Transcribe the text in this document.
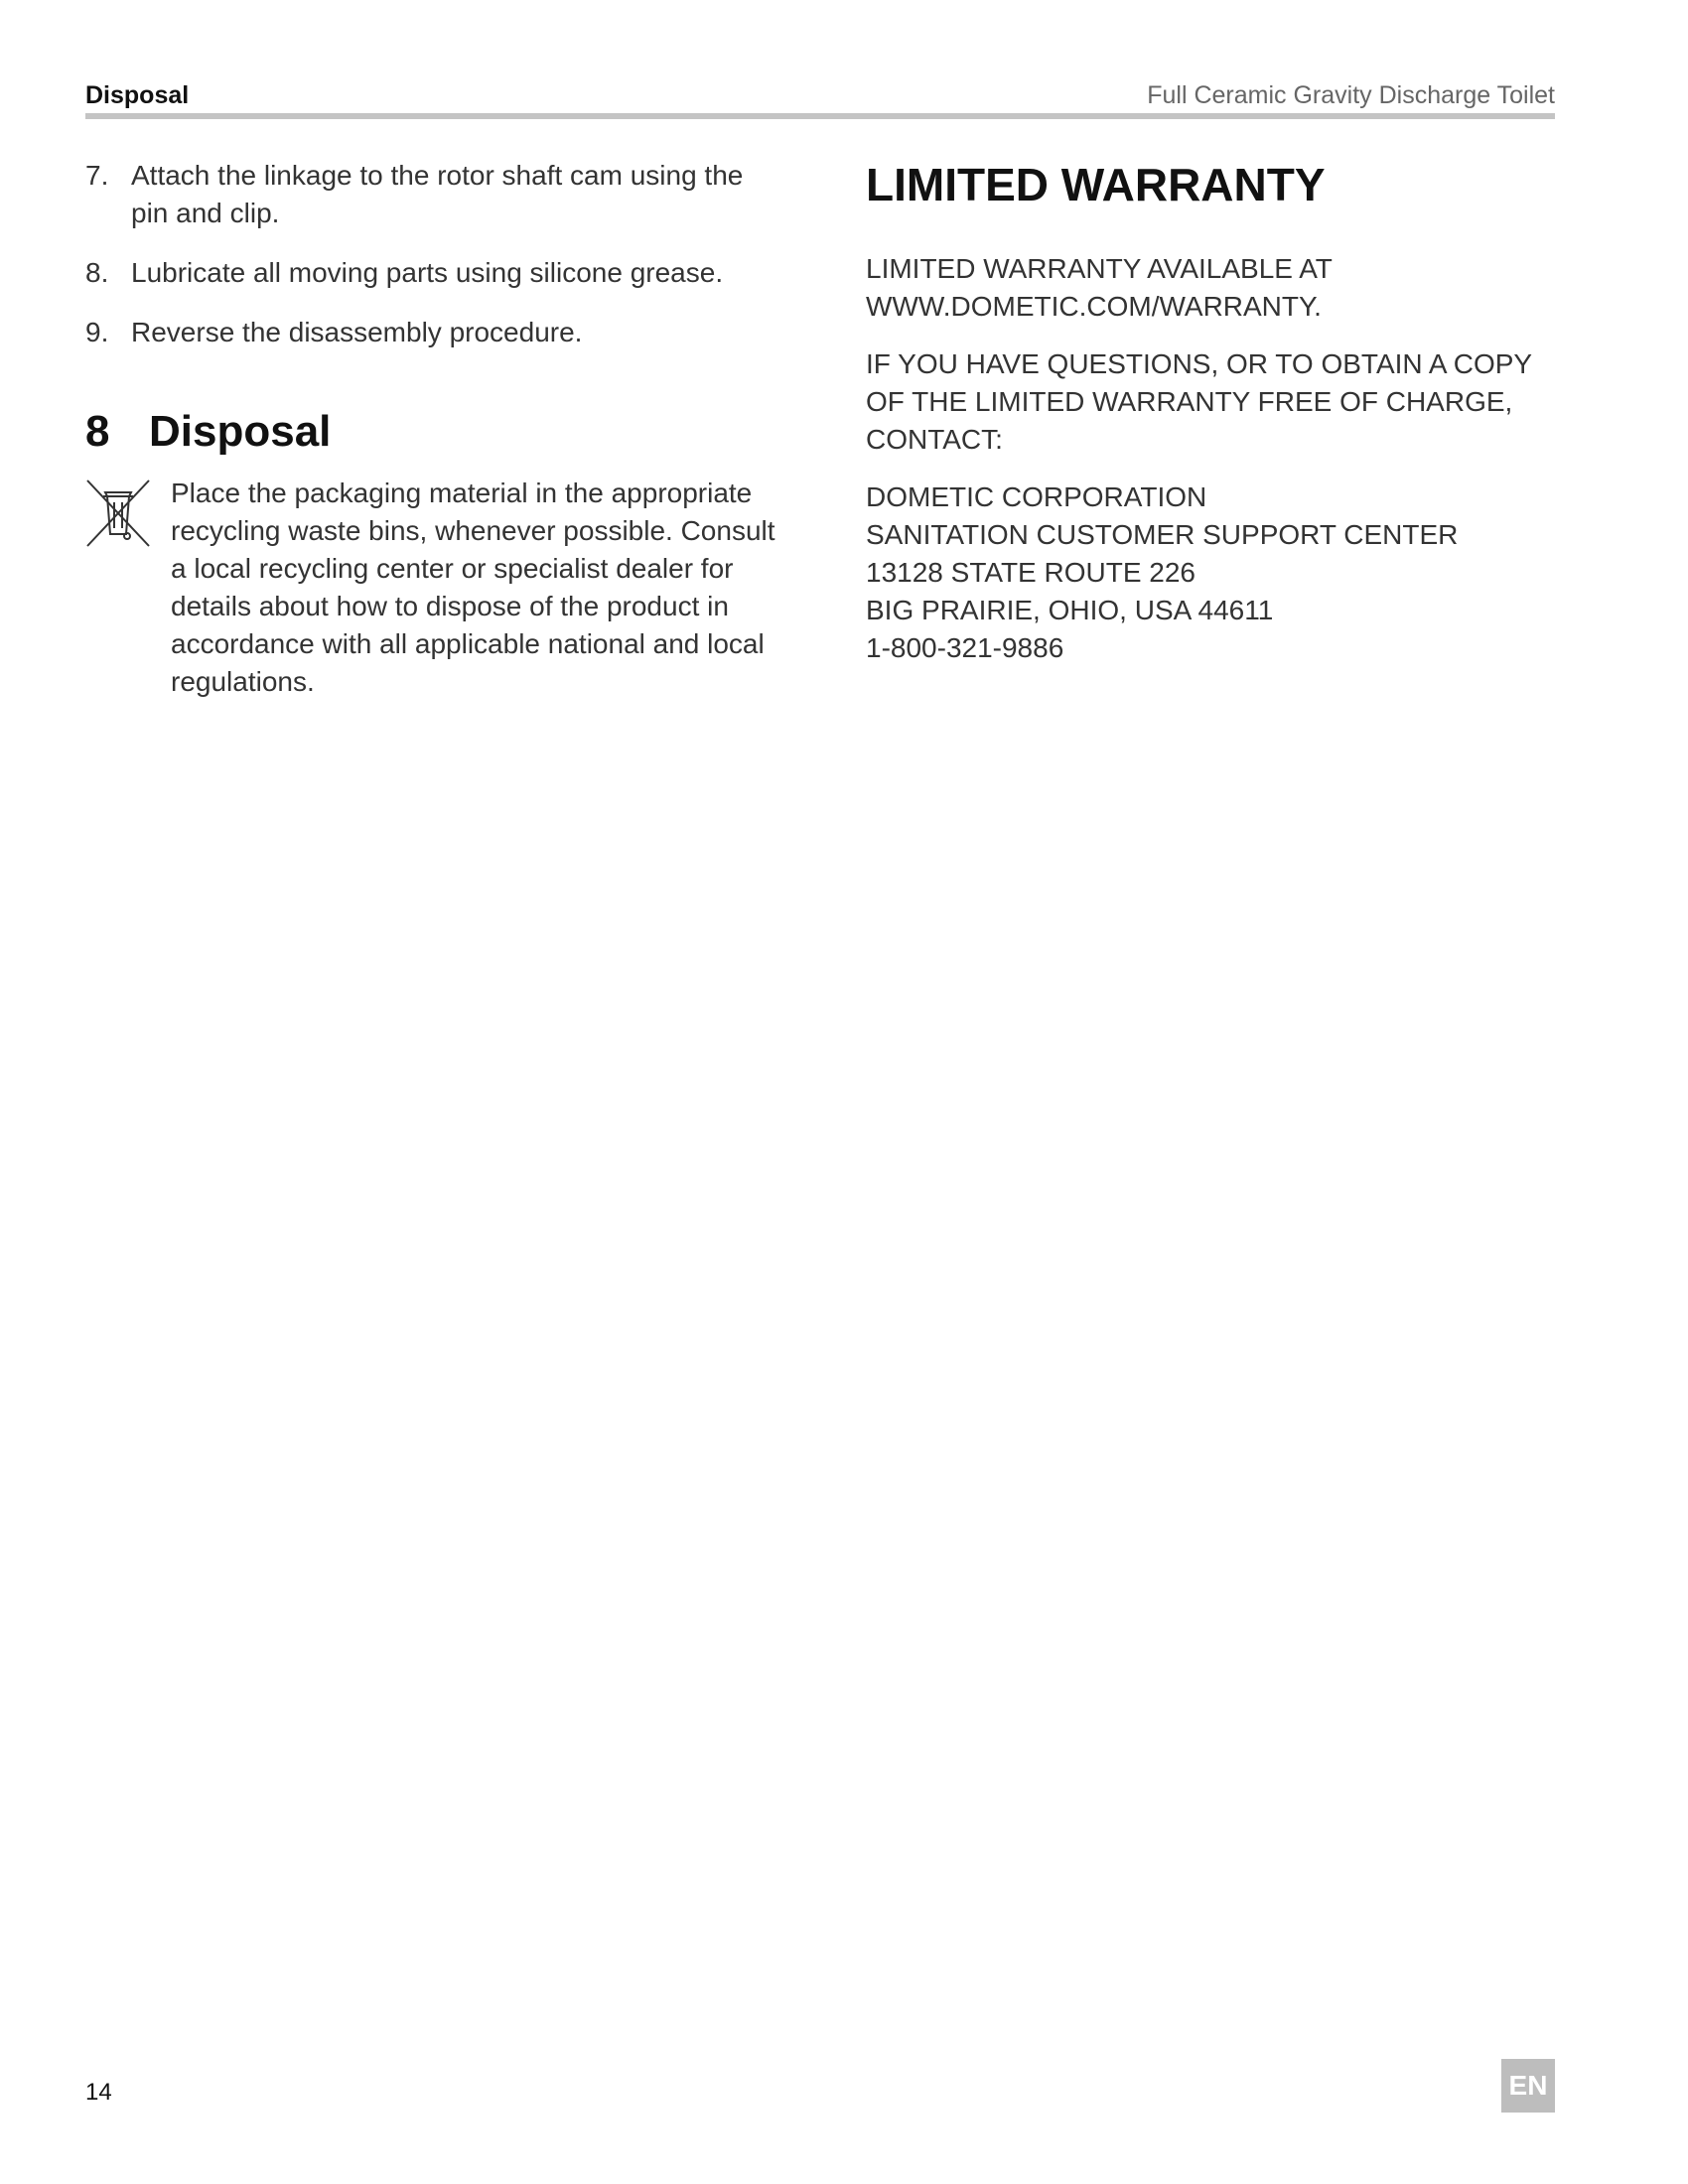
Disposal	Full Ceramic Gravity Discharge Toilet
7. Attach the linkage to the rotor shaft cam using the pin and clip.
8. Lubricate all moving parts using silicone grease.
9. Reverse the disassembly procedure.
8 Disposal
Place the packaging material in the appropriate recycling waste bins, whenever possible. Consult a local recycling center or specialist dealer for details about how to dispose of the product in accordance with all applicable national and local regulations.
LIMITED WARRANTY

LIMITED WARRANTY AVAILABLE AT WWW.DOMETIC.COM/WARRANTY.

IF YOU HAVE QUESTIONS, OR TO OBTAIN A COPY OF THE LIMITED WARRANTY FREE OF CHARGE, CONTACT:

DOMETIC CORPORATION
SANITATION CUSTOMER SUPPORT CENTER
13128 STATE ROUTE 226
BIG PRAIRIE, OHIO, USA 44611
1-800-321-9886
14	EN
